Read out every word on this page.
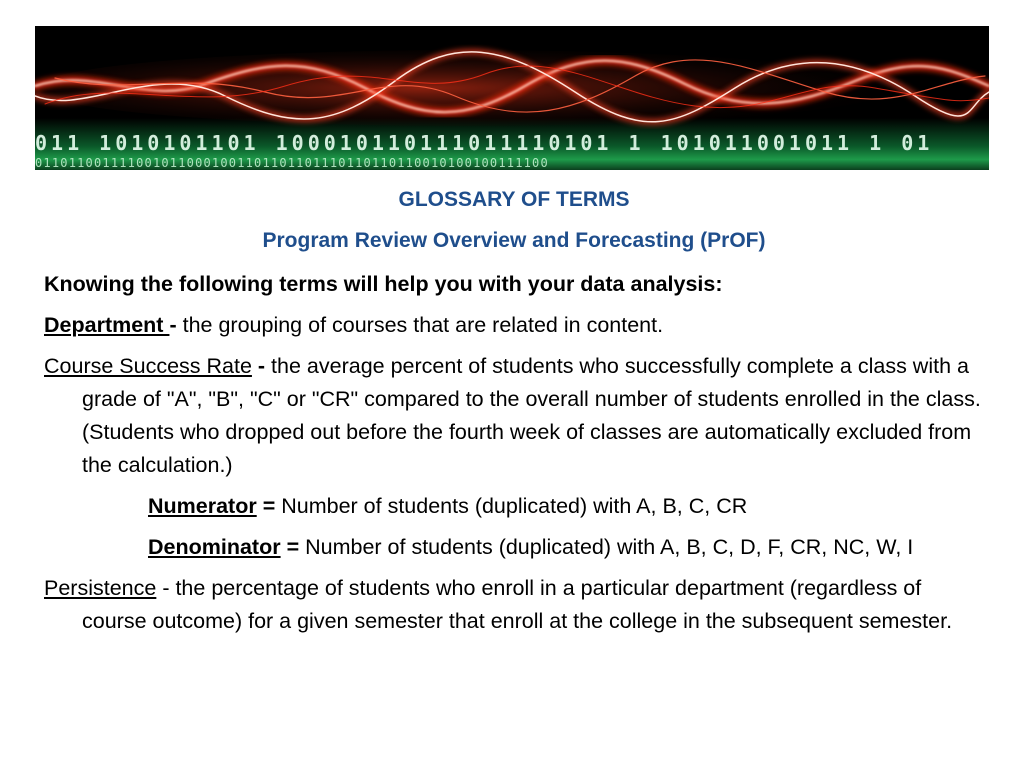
011 1010101101 100010110111011110101 1 101011001011 1 01
0110110011110010110001001101101101110110110110010100100111100

GLOSSARY OF TERMS

Program Review Overview and Forecasting (PrOF)

Knowing the following terms will help you with your data analysis:

Department - the grouping of courses that are related in content.

Course Success Rate - the average percent of students who successfully complete a class with a grade of "A", "B", "C" or "CR" compared to the overall number of students enrolled in the class. (Students who dropped out before the fourth week of classes are automatically excluded from the calculation.)

Numerator = Number of students (duplicated) with A, B, C, CR

Denominator = Number of students (duplicated) with A, B, C, D, F, CR, NC, W, I

Persistence - the percentage of students who enroll in a particular department (regardless of course outcome) for a given semester that enroll at the college in the subsequent semester.
